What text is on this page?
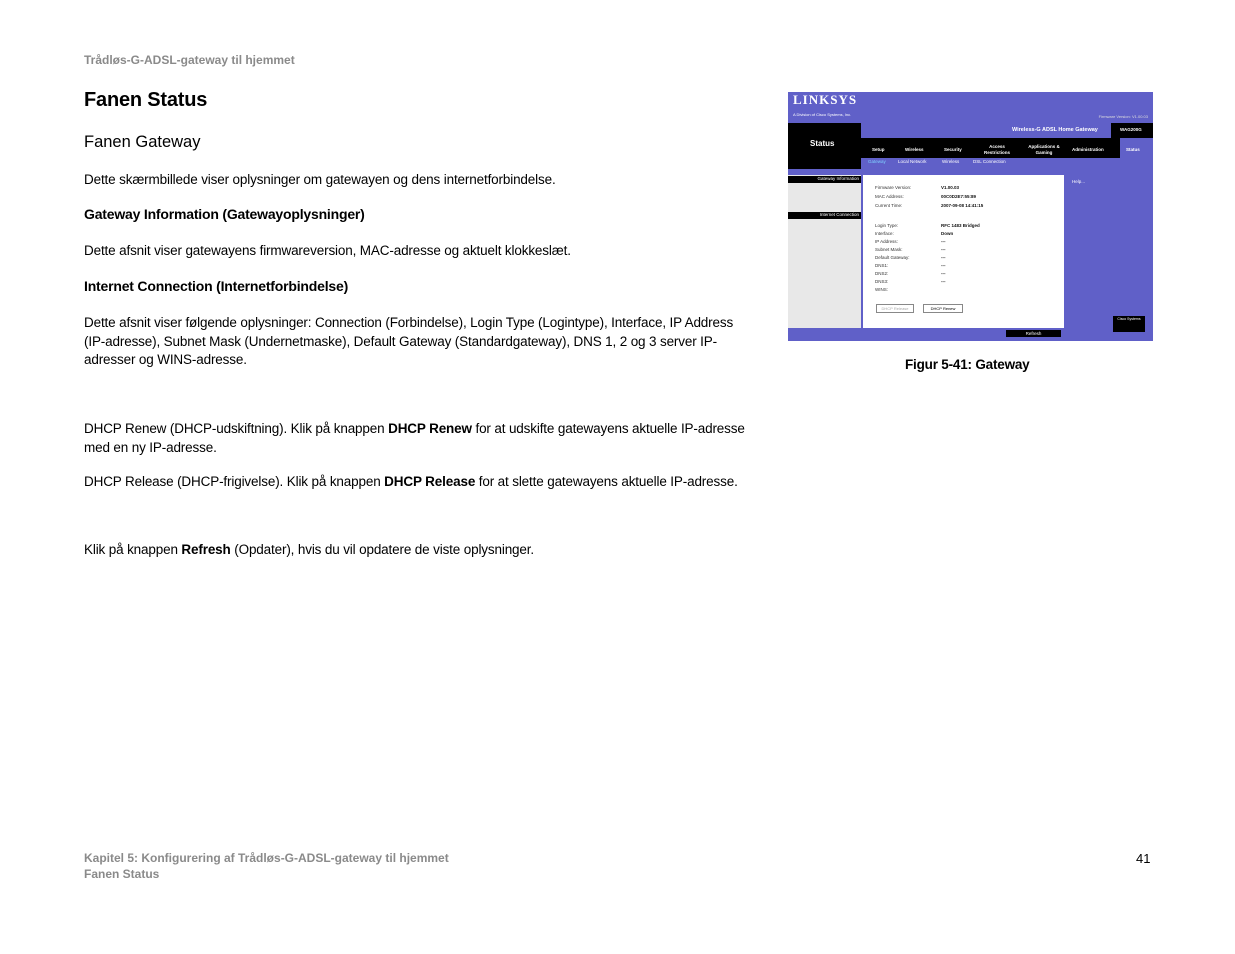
Trådløs-G-ADSL-gateway til hjemmet
Fanen Status
Fanen Gateway
Dette skærmbillede viser oplysninger om gatewayen og dens internetforbindelse.
Gateway Information (Gatewayoplysninger)
Dette afsnit viser gatewayens firmwareversion, MAC-adresse og aktuelt klokkeslæt.
Internet Connection (Internetforbindelse)
Dette afsnit viser følgende oplysninger: Connection (Forbindelse), Login Type (Logintype), Interface, IP Address (IP-adresse), Subnet Mask (Undernetmaske), Default Gateway (Standardgateway), DNS 1, 2 og 3 server IP-adresser og WINS-adresse.
DHCP Renew (DHCP-udskiftning). Klik på knappen DHCP Renew for at udskifte gatewayens aktuelle IP-adresse med en ny IP-adresse.
DHCP Release (DHCP-frigivelse). Klik på knappen DHCP Release for at slette gatewayens aktuelle IP-adresse.
Klik på knappen Refresh (Opdater), hvis du vil opdatere de viste oplysninger.
LINKSYS
A Division of Cisco Systems, Inc.	Firmware Version: V1.00.03
Status
Wireless-G ADSL Home Gateway	WAG200G
Setup	Wireless	Security
Access Restrictions
Applications & Gaming
Administration	Status
Gateway	Local Network	Wireless	DSL Connection
Gateway Information
Internet Connection
Help...
Firmware Version:	V1.00.03
MAC Address:	00C0D2E7:55:89
Current Time:	2007-09-08 14:41:15
Login Type:	RFC 1483 Bridged
Interface:	Down
IP Address:	---
Subnet Mask:	---
Default Gateway:	---
DNS1:	---
DNS2:	---
DNS3:	---
WINS:
DHCP Release	DHCP Renew
Refresh
Cisco Systems
Figur 5-41: Gateway
Kapitel 5: Konfigurering af Trådløs-G-ADSL-gateway til hjemmet
Fanen Status
41
